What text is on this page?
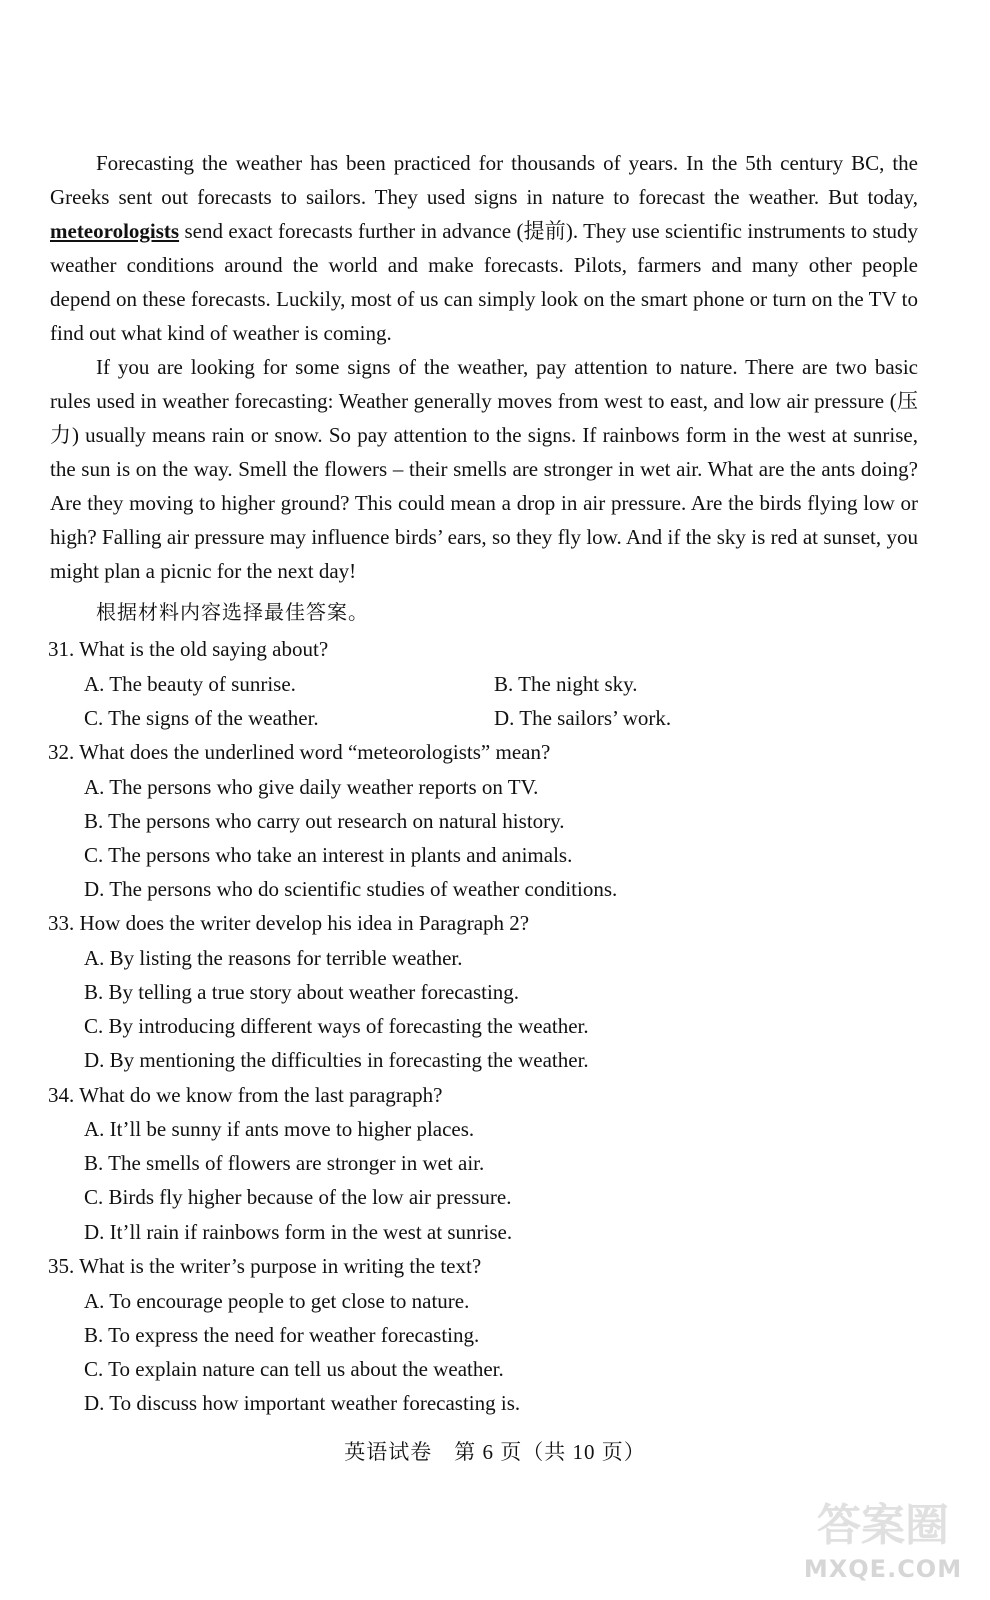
Forecasting the weather has been practiced for thousands of years. In the 5th century BC, the Greeks sent out forecasts to sailors. They used signs in nature to forecast the weather. But today, meteorologists send exact forecasts further in advance (提前). They use scientific instruments to study weather conditions around the world and make forecasts. Pilots, farmers and many other people depend on these forecasts. Luckily, most of us can simply look on the smart phone or turn on the TV to find out what kind of weather is coming.

If you are looking for some signs of the weather, pay attention to nature. There are two basic rules used in weather forecasting: Weather generally moves from west to east, and low air pressure (压力) usually means rain or snow. So pay attention to the signs. If rainbows form in the west at sunrise, the sun is on the way. Smell the flowers – their smells are stronger in wet air. What are the ants doing? Are they moving to higher ground? This could mean a drop in air pressure. Are the birds flying low or high? Falling air pressure may influence birds’ ears, so they fly low. And if the sky is red at sunset, you might plan a picnic for the next day!

根据材料内容选择最佳答案。
31. What is the old saying about?
A. The beauty of sunrise.	B. The night sky.
C. The signs of the weather.	D. The sailors’ work.
32. What does the underlined word “meteorologists” mean?
A. The persons who give daily weather reports on TV.
B. The persons who carry out research on natural history.
C. The persons who take an interest in plants and animals.
D. The persons who do scientific studies of weather conditions.
33. How does the writer develop his idea in Paragraph 2?
A. By listing the reasons for terrible weather.
B. By telling a true story about weather forecasting.
C. By introducing different ways of forecasting the weather.
D. By mentioning the difficulties in forecasting the weather.
34. What do we know from the last paragraph?
A. It’ll be sunny if ants move to higher places.
B. The smells of flowers are stronger in wet air.
C. Birds fly higher because of the low air pressure.
D. It’ll rain if rainbows form in the west at sunrise.
35. What is the writer’s purpose in writing the text?
A. To encourage people to get close to nature.
B. To express the need for weather forecasting.
C. To explain nature can tell us about the weather.
D. To discuss how important weather forecasting is.
英语试卷　第 6 页（共 10 页）
答案圈
MXQE.COM
